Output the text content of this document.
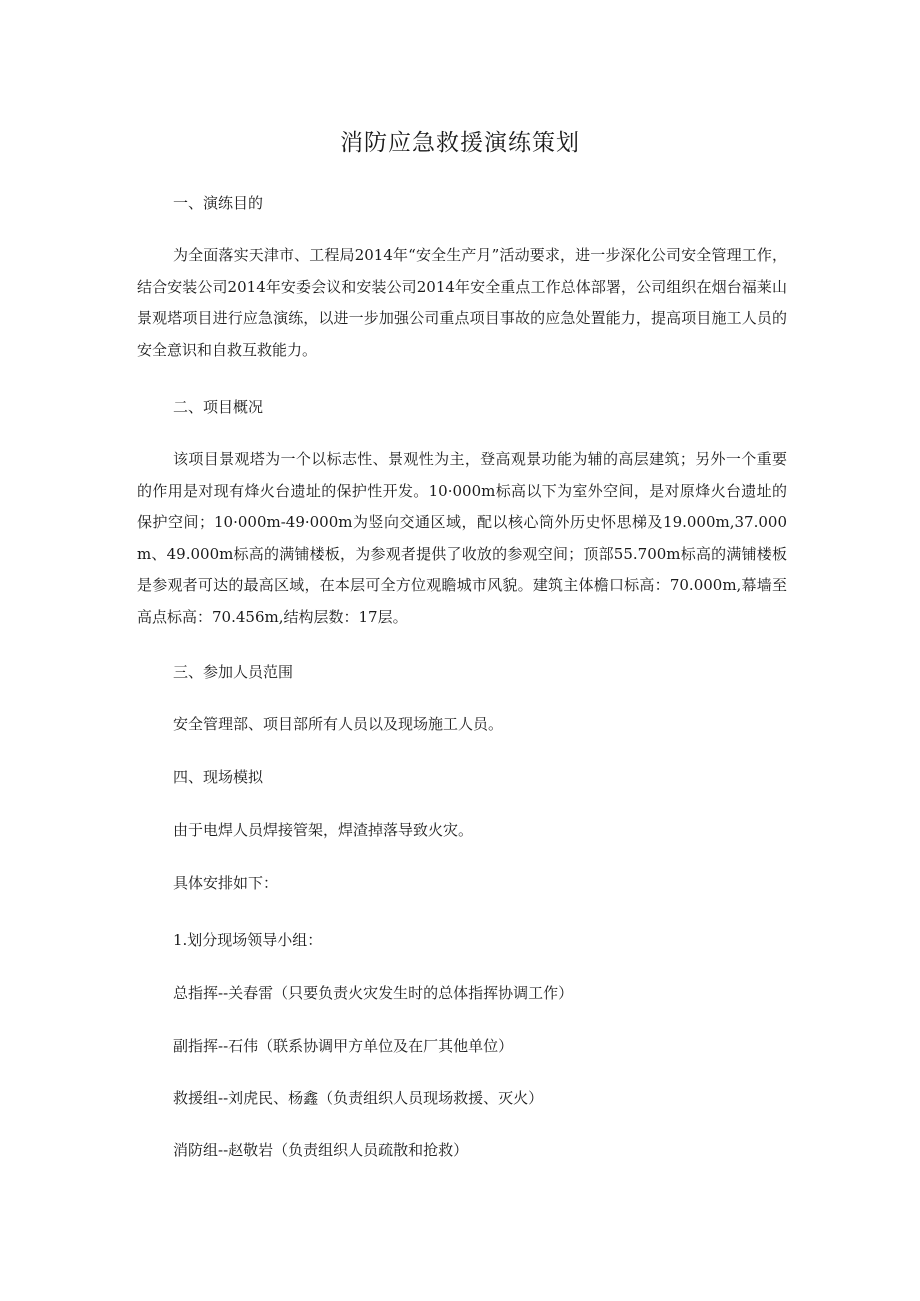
消防应急救援演练策划

一、演练目的

为全面落实天津市、工程局2014年“安全生产月”活动要求，进一步深化公司安全管理工作，结合安装公司2014年安委会议和安装公司2014年安全重点工作总体部署，公司组织在烟台福莱山景观塔项目进行应急演练，以进一步加强公司重点项目事故的应急处置能力，提高项目施工人员的安全意识和自救互救能力。

二、项目概况

该项目景观塔为一个以标志性、景观性为主，登高观景功能为辅的高层建筑；另外一个重要的作用是对现有烽火台遗址的保护性开发。10·000m标高以下为室外空间，是对原烽火台遗址的保护空间；10·000m-49·000m为竖向交通区域，配以核心筒外历史怀思梯及19.000m,37.000m、49.000m标高的满铺楼板，为参观者提供了收放的参观空间；顶部55.700m标高的满铺楼板是参观者可达的最高区域，在本层可全方位观瞻城市风貌。建筑主体檐口标高：70.000m,幕墙至高点标高：70.456m,结构层数：17层。

三、参加人员范围

安全管理部、项目部所有人员以及现场施工人员。

四、现场模拟

由于电焊人员焊接管架，焊渣掉落导致火灾。

具体安排如下：

1.划分现场领导小组：

总指挥--关春雷（只要负责火灾发生时的总体指挥协调工作）

副指挥--石伟（联系协调甲方单位及在厂其他单位）

救援组--刘虎民、杨鑫（负责组织人员现场救援、灭火）

消防组--赵敬岩（负责组织人员疏散和抢救）
